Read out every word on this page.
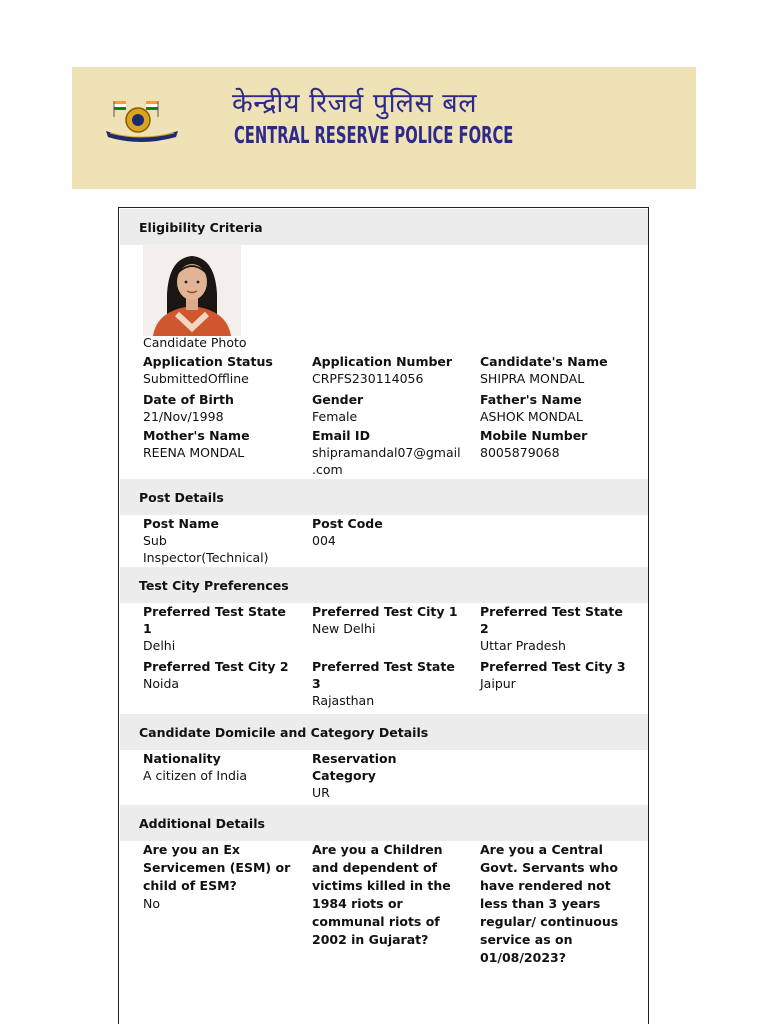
केन्द्रीय रिजर्व पुलिस बल
CENTRAL RESERVE POLICE FORCE
Eligibility Criteria
Candidate Photo
Application Status
SubmittedOffline
Application Number
CRPFS230114056
Candidate's Name
SHIPRA MONDAL
Date of Birth
21/Nov/1998
Gender
Female
Father's Name
ASHOK MONDAL
Mother's Name
REENA MONDAL
Email ID
shipramandal07@gmail.com
Mobile Number
8005879068
Post Details
Post Name
Sub Inspector(Technical)
Post Code
004
Test City Preferences
Preferred Test State 1
Delhi
Preferred Test City 1
New Delhi
Preferred Test State 2
Uttar Pradesh
Preferred Test City 2
Noida
Preferred Test State 3
Rajasthan
Preferred Test City 3
Jaipur
Candidate Domicile and Category Details
Nationality
A citizen of India
Reservation Category
UR
Additional Details
Are you an Ex Servicemen (ESM) or child of ESM?
No
Are you a Children and dependent of victims killed in the 1984 riots or communal riots of 2002 in Gujarat?
Are you a Central Govt. Servants who have rendered not less than 3 years regular/ continuous service as on 01/08/2023?
